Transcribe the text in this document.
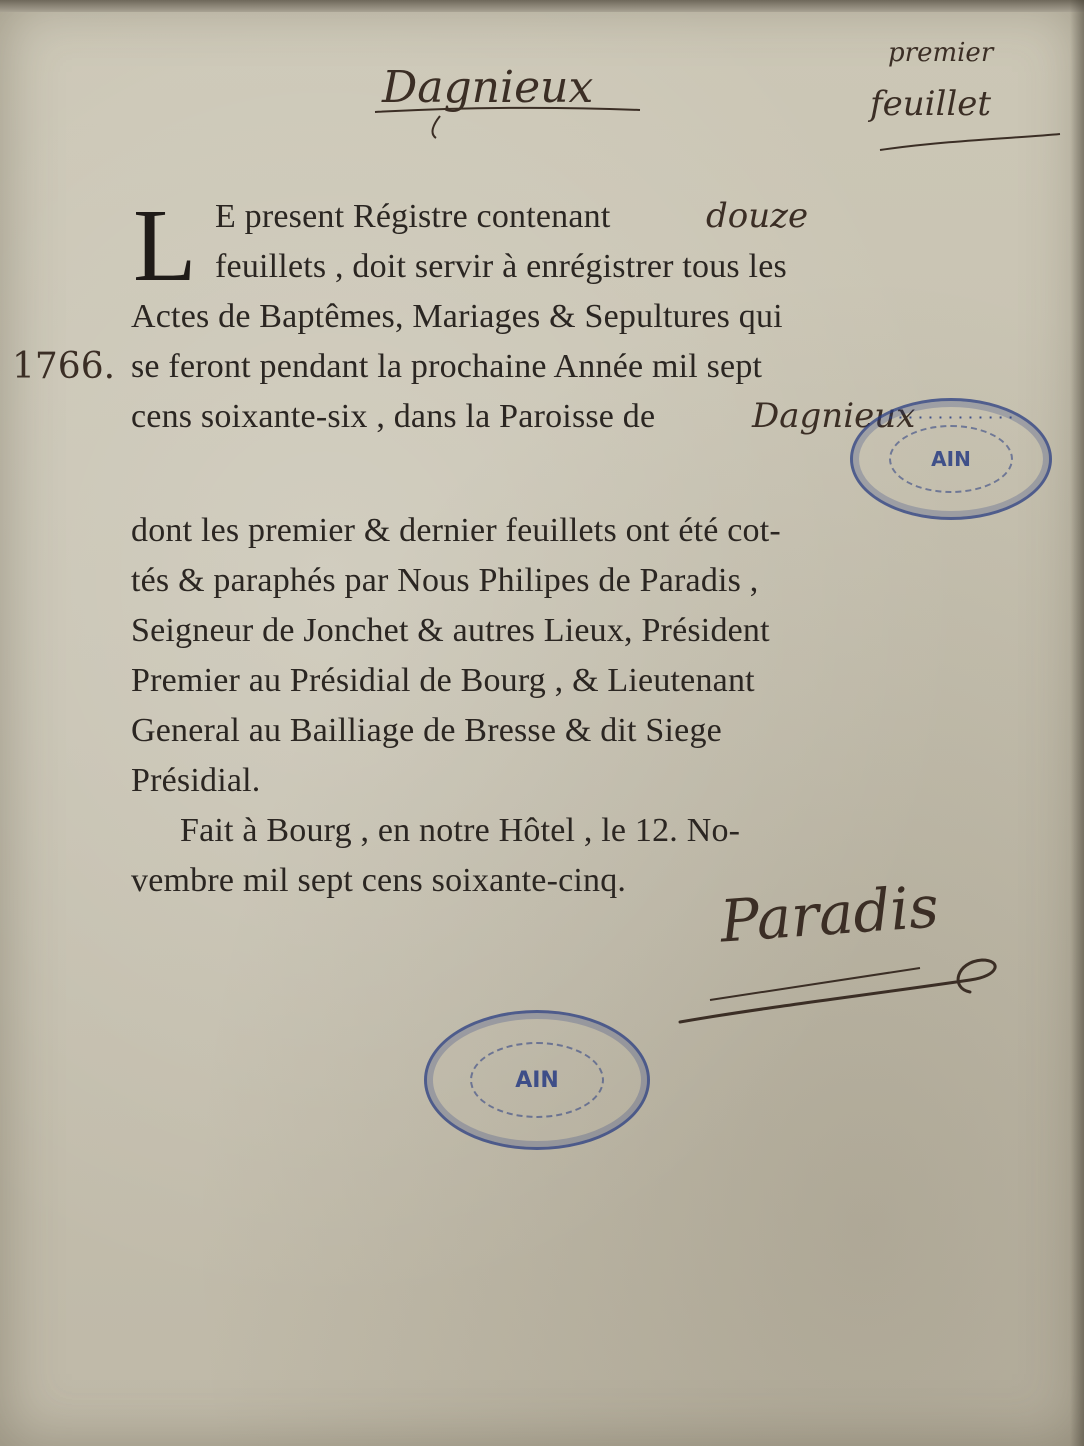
Dagnieux
premier
feuillet
1766.
L E present Régistre contenant	douze
feuillets , doit servir à enrégistrer tous les
Actes de Baptêmes, Mariages & Sepultures qui
se feront pendant la prochaine Année mil sept
cens soixante-six , dans la Paroisse de	Dagnieux
dont les premier & dernier feuillets ont été cot-
tés & paraphés par Nous Philipes de Paradis ,
Seigneur de Jonchet & autres Lieux, Président
Premier au Présidial de Bourg , & Lieutenant
General au Bailliage de Bresse & dit Siege
Présidial.
Fait à Bourg , en notre Hôtel , le 12. No-
vembre mil sept cens soixante-cinq. Paradis
· · · · · · · · · · · · ·
AIN
AIN
